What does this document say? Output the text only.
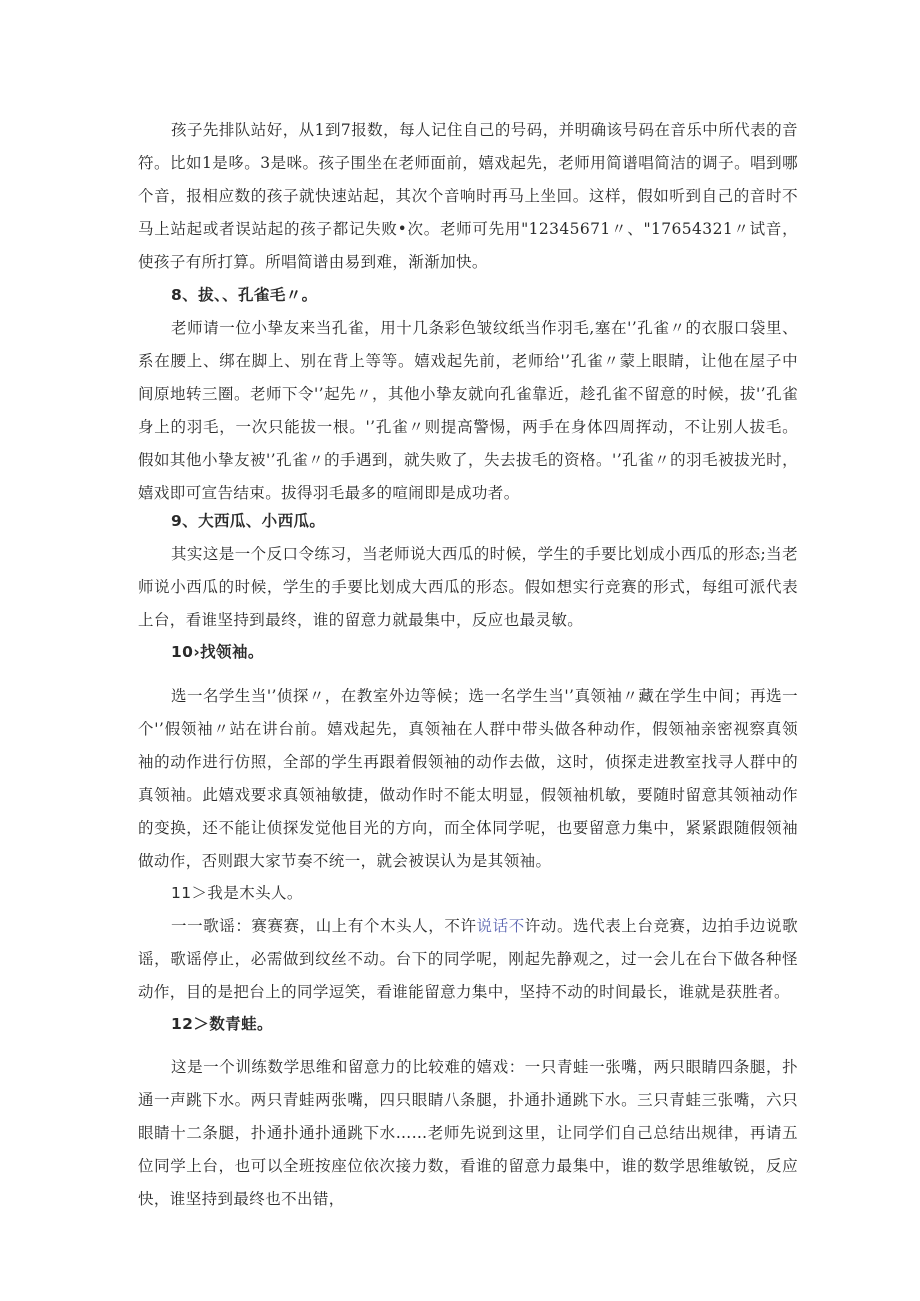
孩子先排队站好，从1到7报数，每人记住自己的号码，并明确该号码在音乐中所代表的音符。比如1是哆。3是咪。孩子围坐在老师面前，嬉戏起先，老师用简谱唱简洁的调子。唱到哪个音，报相应数的孩子就快速站起，其次个音响时再马上坐回。这样，假如听到自己的音时不马上站起或者误站起的孩子都记失败•次。老师可先用"12345671〃、"17654321〃试音，使孩子有所打算。所唱简谱由易到难，渐渐加快。

8、拔、、孔雀毛〃。

老师请一位小挚友来当孔雀，用十几条彩色皱纹纸当作羽毛,塞在'’孔雀〃的衣服口袋里、系在腰上、绑在脚上、别在背上等等。嬉戏起先前，老师给'’孔雀〃蒙上眼睛，让他在屋子中间原地转三圈。老师下令'’起先〃，其他小挚友就向孔雀靠近，趁孔雀不留意的时候，拔'’孔雀身上的羽毛，一次只能拔一根。'’孔雀〃则提高警惕，两手在身体四周挥动，不让别人拔毛。假如其他小挚友被'’孔雀〃的手遇到，就失败了，失去拔毛的资格。'’孔雀〃的羽毛被拔光时，嬉戏即可宣告结束。拔得羽毛最多的喧闹即是成功者。

9、大西瓜、小西瓜。

其实这是一个反口令练习，当老师说大西瓜的时候，学生的手要比划成小西瓜的形态;当老师说小西瓜的时候，学生的手要比划成大西瓜的形态。假如想实行竞赛的形式，每组可派代表上台，看谁坚持到最终，谁的留意力就最集中，反应也最灵敏。

10›找领袖。

选一名学生当'’侦探〃，在教室外边等候；选一名学生当'’真领袖〃藏在学生中间；再选一个'’假领袖〃站在讲台前。嬉戏起先，真领袖在人群中带头做各种动作，假领袖亲密视察真领袖的动作进行仿照，全部的学生再跟着假领袖的动作去做，这时，侦探走进教室找寻人群中的真领袖。此嬉戏要求真领袖敏捷，做动作时不能太明显，假领袖机敏，要随时留意其领袖动作的变换，还不能让侦探发觉他目光的方向，而全体同学呢，也要留意力集中，紧紧跟随假领袖做动作，否则跟大家节奏不统一，就会被误认为是其领袖。

11＞我是木头人。

一一歌谣：赛赛赛，山上有个木头人，不许说话不许动。选代表上台竞赛，边拍手边说歌谣，歌谣停止，必需做到纹丝不动。台下的同学呢，刚起先静观之，过一会儿在台下做各种怪动作，目的是把台上的同学逗笑，看谁能留意力集中，坚持不动的时间最长，谁就是获胜者。

12＞数青蛙。

这是一个训练数学思维和留意力的比较难的嬉戏：一只青蛙一张嘴，两只眼睛四条腿，扑通一声跳下水。两只青蛙两张嘴，四只眼睛八条腿，扑通扑通跳下水。三只青蛙三张嘴，六只眼睛十二条腿，扑通扑通扑通跳下水……老师先说到这里，让同学们自己总结出规律，再请五位同学上台，也可以全班按座位依次接力数，看谁的留意力最集中，谁的数学思维敏锐，反应快，谁坚持到最终也不出错，
